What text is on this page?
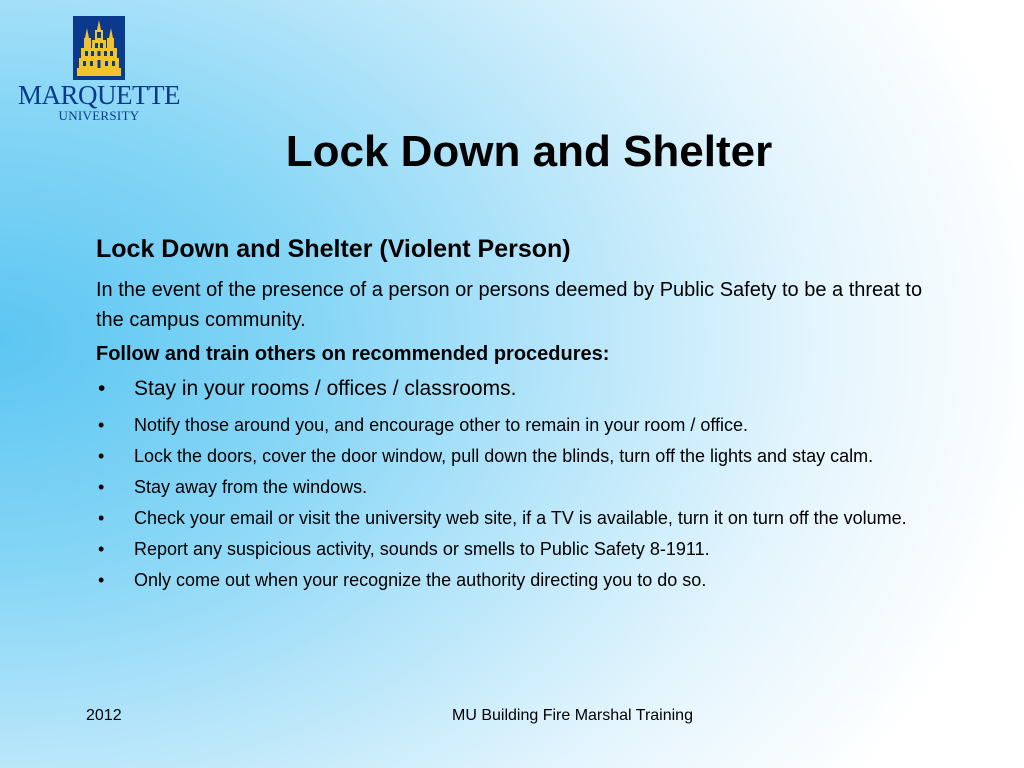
MARQUETTE
UNIVERSITY
Lock Down and Shelter
Lock Down and Shelter (Violent Person)
In the event of the presence of a person or persons deemed by Public Safety to be a threat to the campus community.
Follow and train others on recommended procedures:
• Stay in your rooms / offices / classrooms.
• Notify those around you, and encourage other to remain in your room / office.
• Lock the doors, cover the door window, pull down the blinds, turn off the lights and stay calm.
• Stay away from the windows.
• Check your email or visit the university web site, if a TV is available, turn it on turn off the volume.
• Report any suspicious activity, sounds or smells to Public Safety 8-1911.
• Only come out when your recognize the authority directing you to do so.
2012	MU Building Fire Marshal Training
